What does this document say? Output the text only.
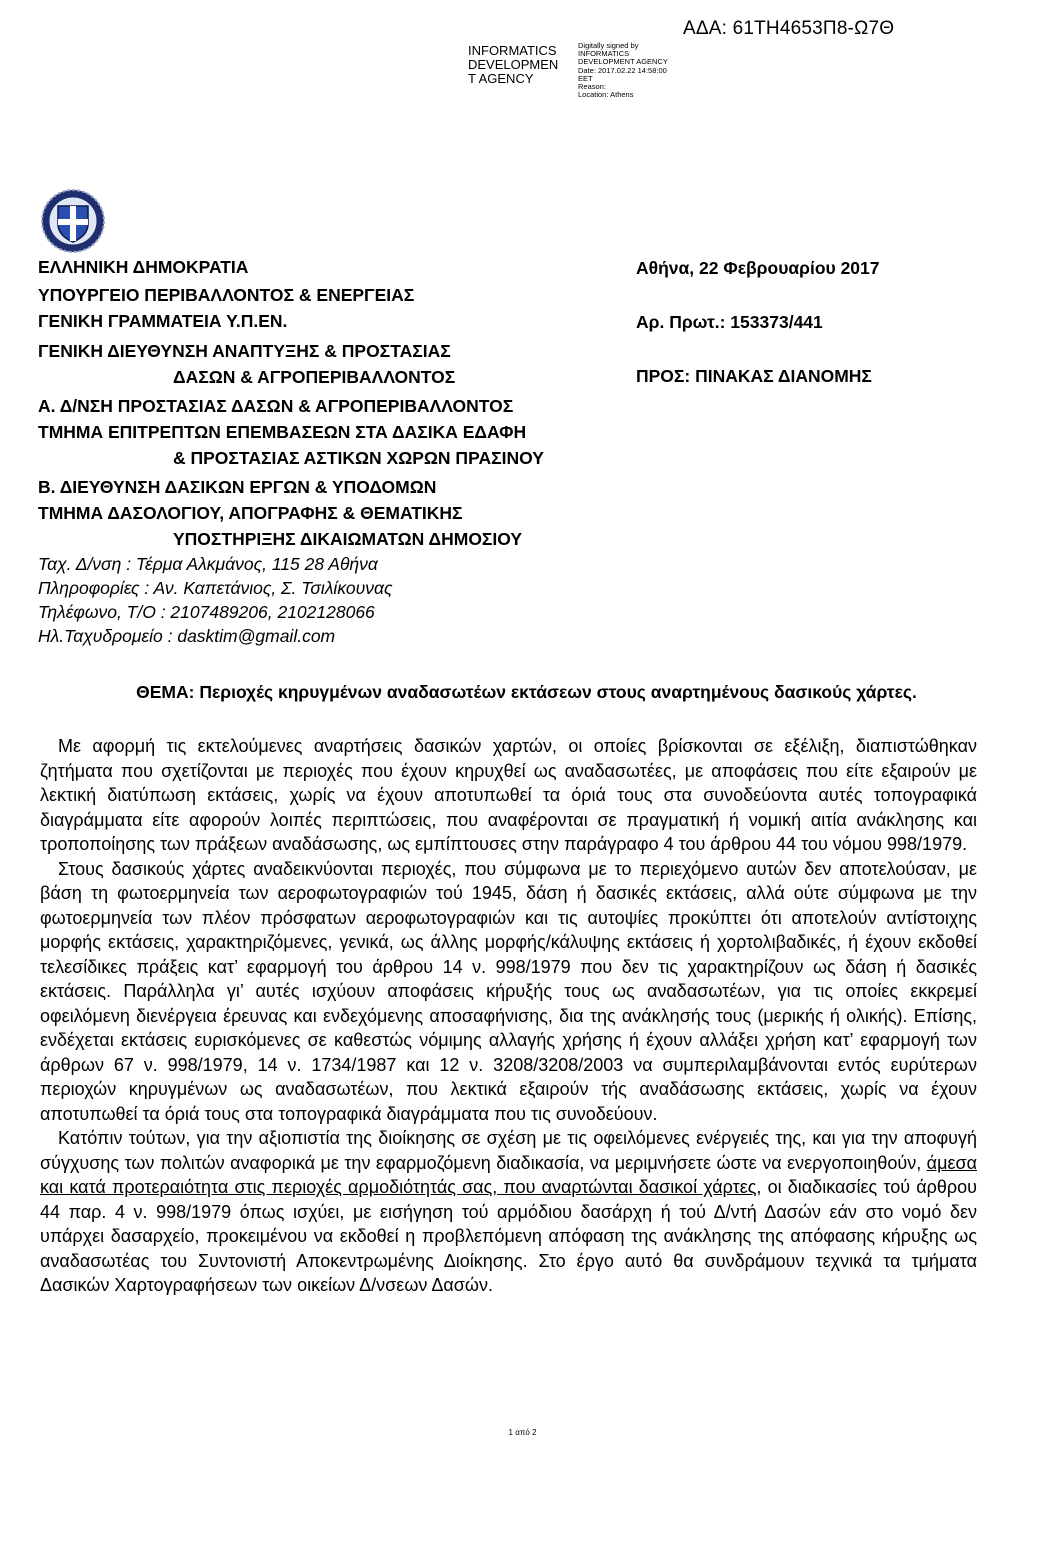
ΑΔΑ: 61ΤΗ4653Π8-Ω7Θ
INFORMATICS
DEVELOPMEN
T AGENCY
Digitally signed by
INFORMATICS
DEVELOPMENT AGENCY
Date: 2017.02.22 14:58:00
EET
Reason:
Location: Athens
ΕΛΛΗΝΙΚΗ ΔΗΜΟΚΡΑΤΙΑ
ΥΠΟΥΡΓΕΙΟ ΠΕΡΙΒΑΛΛΟΝΤΟΣ & ΕΝΕΡΓΕΙΑΣ
ΓΕΝΙΚΗ ΓΡΑΜΜΑΤΕΙΑ Υ.Π.ΕΝ.
ΓΕΝΙΚΗ ΔΙΕΥΘΥΝΣΗ ΑΝΑΠΤΥΞΗΣ & ΠΡΟΣΤΑΣΙΑΣ
ΔΑΣΩΝ & ΑΓΡΟΠΕΡΙΒΑΛΛΟΝΤΟΣ
Α. Δ/ΝΣΗ ΠΡΟΣΤΑΣΙΑΣ ΔΑΣΩΝ & ΑΓΡΟΠΕΡΙΒΑΛΛΟΝΤΟΣ
ΤΜΗΜΑ ΕΠΙΤΡΕΠΤΩΝ ΕΠΕΜΒΑΣΕΩΝ ΣΤΑ ΔΑΣΙΚΑ ΕΔΑΦΗ
& ΠΡΟΣΤΑΣΙΑΣ ΑΣΤΙΚΩΝ ΧΩΡΩΝ ΠΡΑΣΙΝΟΥ
Β. ΔΙΕΥΘΥΝΣΗ ΔΑΣΙΚΩΝ ΕΡΓΩΝ & ΥΠΟΔΟΜΩΝ
ΤΜΗΜΑ ΔΑΣΟΛΟΓΙΟΥ, ΑΠΟΓΡΑΦΗΣ & ΘΕΜΑΤΙΚΗΣ
ΥΠΟΣΤΗΡΙΞΗΣ ΔΙΚΑΙΩΜΑΤΩΝ ΔΗΜΟΣΙΟΥ
Αθήνα, 22 Φεβρουαρίου 2017
Αρ. Πρωτ.: 153373/441
ΠΡΟΣ: ΠΙΝΑΚΑΣ ΔΙΑΝΟΜΗΣ
Ταχ. Δ/νση : Τέρμα Αλκμάνος, 115 28 Αθήνα
Πληροφορίες : Αν. Καπετάνιος, Σ. Τσιλίκουνας
Τηλέφωνο, Τ/Ο : 2107489206, 2102128066
Ηλ.Ταχυδρομείο : dasktim@gmail.com
ΘΕΜΑ: Περιοχές κηρυγμένων αναδασωτέων εκτάσεων στους αναρτημένους δασικούς χάρτες.

Με αφορμή τις εκτελούμενες αναρτήσεις δασικών χαρτών, οι οποίες βρίσκονται σε εξέλιξη, διαπιστώθηκαν ζητήματα που σχετίζονται με περιοχές που έχουν κηρυχθεί ως αναδασωτέες, με αποφάσεις που είτε εξαιρούν με λεκτική διατύπωση εκτάσεις, χωρίς να έχουν αποτυπωθεί τα όριά τους στα συνοδεύοντα αυτές τοπογραφικά διαγράμματα είτε αφορούν λοιπές περιπτώσεις, που αναφέρονται σε πραγματική ή νομική αιτία ανάκλησης και τροποποίησης των πράξεων αναδάσωσης, ως εμπίπτουσες στην παράγραφο 4 του άρθρου 44 του νόμου 998/1979.

Στους δασικούς χάρτες αναδεικνύονται περιοχές, που σύμφωνα με το περιεχόμενο αυτών δεν αποτελούσαν, με βάση τη φωτοερμηνεία των αεροφωτογραφιών τού 1945, δάση ή δασικές εκτάσεις, αλλά ούτε σύμφωνα με την φωτοερμηνεία των πλέον πρόσφατων αεροφωτογραφιών και τις αυτοψίες προκύπτει ότι αποτελούν αντίστοιχης μορφής εκτάσεις, χαρακτηριζόμενες, γενικά, ως άλλης μορφής/κάλυψης εκτάσεις ή χορτολιβαδικές, ή έχουν εκδοθεί τελεσίδικες πράξεις κατ’ εφαρμογή του άρθρου 14 ν. 998/1979 που δεν τις χαρακτηρίζουν ως δάση ή δασικές εκτάσεις. Παράλληλα γι’ αυτές ισχύουν αποφάσεις κήρυξής τους ως αναδασωτέων, για τις οποίες εκκρεμεί οφειλόμενη διενέργεια έρευνας και ενδεχόμενης αποσαφήνισης, δια της ανάκλησής τους (μερικής ή ολικής). Επίσης, ενδέχεται εκτάσεις ευρισκόμενες σε καθεστώς νόμιμης αλλαγής χρήσης ή έχουν αλλάξει χρήση κατ’ εφαρμογή των άρθρων 67 ν. 998/1979, 14 ν. 1734/1987 και 12 ν. 3208/3208/2003 να συμπεριλαμβάνονται εντός ευρύτερων περιοχών κηρυγμένων ως αναδασωτέων, που λεκτικά εξαιρούν τής αναδάσωσης εκτάσεις, χωρίς να έχουν αποτυπωθεί τα όριά τους στα τοπογραφικά διαγράμματα που τις συνοδεύουν.

Κατόπιν τούτων, για την αξιοπιστία της διοίκησης σε σχέση με τις οφειλόμενες ενέργειές της, και για την αποφυγή σύγχυσης των πολιτών αναφορικά με την εφαρμοζόμενη διαδικασία, να μεριμνήσετε ώστε να ενεργοποιηθούν, άμεσα και κατά προτεραιότητα στις περιοχές αρμοδιότητάς σας, που αναρτώνται δασικοί χάρτες, οι διαδικασίες τού άρθρου 44 παρ. 4 ν. 998/1979 όπως ισχύει, με εισήγηση τού αρμόδιου δασάρχη ή τού Δ/ντή Δασών εάν στο νομό δεν υπάρχει δασαρχείο, προκειμένου να εκδοθεί η προβλεπόμενη απόφαση της ανάκλησης της απόφασης κήρυξης ως αναδασωτέας του Συντονιστή Αποκεντρωμένης Διοίκησης. Στο έργο αυτό θα συνδράμουν τεχνικά τα τμήματα Δασικών Χαρτογραφήσεων των οικείων Δ/νσεων Δασών.

1 από 2
